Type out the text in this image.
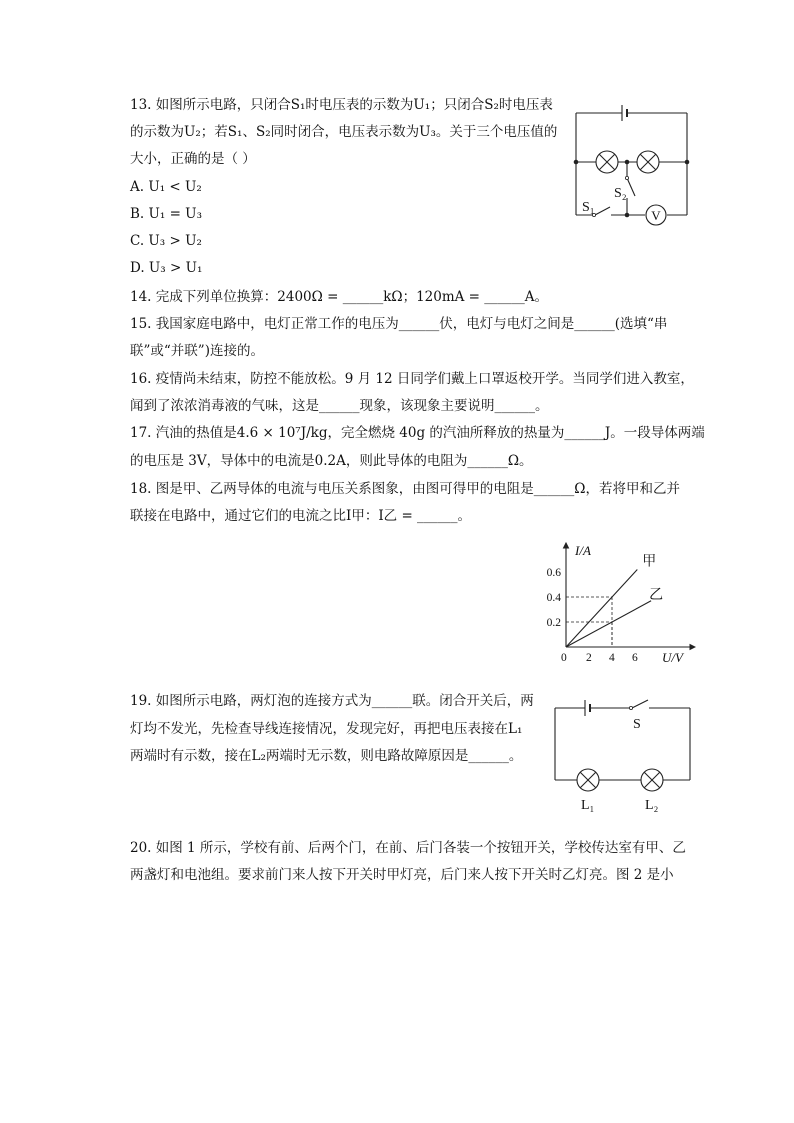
13. 如图所示电路，只闭合S₁时电压表的示数为U₁；只闭合S₂时电压表
的示数为U₂；若S₁、S₂同时闭合，电压表示数为U₃。关于三个电压值的
大小，正确的是（ ）
A. U₁ < U₂
B. U₁ = U₃
C. U₃ > U₂
D. U₃ > U₁
V
S₂
S₁
14. 完成下列单位换算：2400Ω = ______kΩ；120mA = ______A。
15. 我国家庭电路中，电灯正常工作的电压为______伏，电灯与电灯之间是______(选填“串
联”或“并联”)连接的。
16. 疫情尚未结束，防控不能放松。9 月 12 日同学们戴上口罩返校开学。当同学们进入教室，
闻到了浓浓消毒液的气味，这是______现象，该现象主要说明______。
17. 汽油的热值是4.6 × 10⁷J/kg，完全燃烧 40g 的汽油所释放的热量为______J。一段导体两端
的电压是 3V，导体中的电流是0.2A，则此导体的电阻为______Ω。
18. 图是甲、乙两导体的电流与电压关系图象，由图可得甲的电阻是______Ω，若将甲和乙并
联接在电路中，通过它们的电流之比I甲：I乙 = ______。
甲
乙
0 2 4 6
0.2
0.4
0.6
I/A
U/V
19. 如图所示电路，两灯泡的连接方式为______联。闭合开关后，两
灯均不发光，先检查导线连接情况，发现完好，再把电压表接在L₁
两端时有示数，接在L₂两端时无示数，则电路故障原因是______。
S
L₁	L₂
20. 如图 1 所示，学校有前、后两个门，在前、后门各装一个按钮开关，学校传达室有甲、乙
两盏灯和电池组。要求前门来人按下开关时甲灯亮，后门来人按下开关时乙灯亮。图 2 是小
